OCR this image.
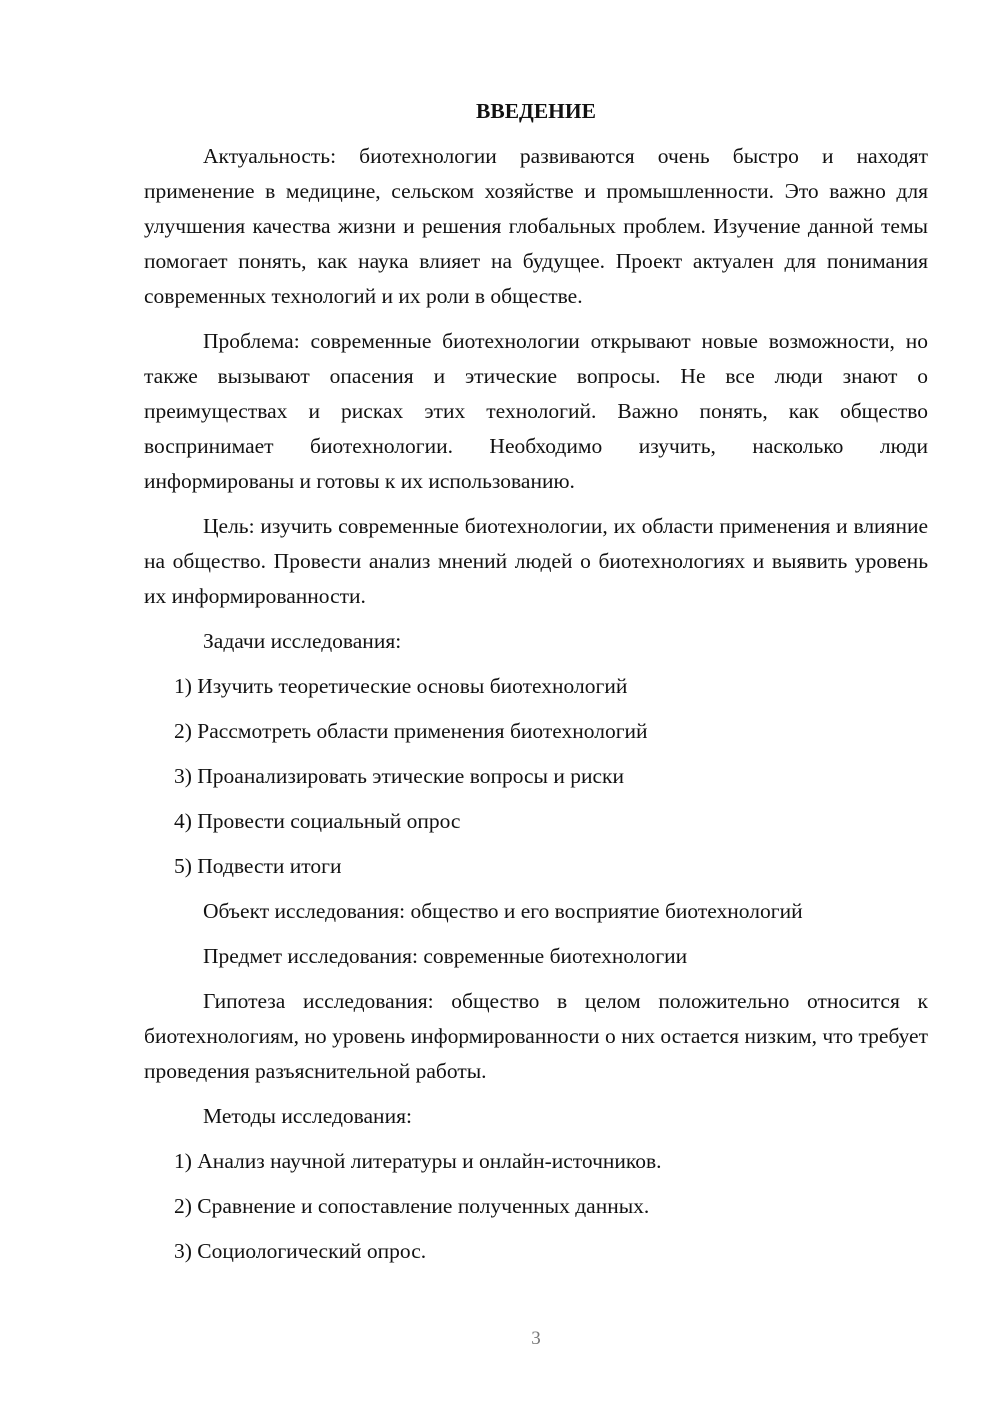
ВВЕДЕНИЕ

Актуальность: биотехнологии развиваются очень быстро и находят применение в медицине, сельском хозяйстве и промышленности. Это важно для улучшения качества жизни и решения глобальных проблем. Изучение данной темы помогает понять, как наука влияет на будущее. Проект актуален для понимания современных технологий и их роли в обществе.

Проблема: современные биотехнологии открывают новые возможности, но также вызывают опасения и этические вопросы. Не все люди знают о преимуществах и рисках этих технологий. Важно понять, как общество воспринимает биотехнологии. Необходимо изучить, насколько люди информированы и готовы к их использованию.

Цель: изучить современные биотехнологии, их области применения и влияние на общество. Провести анализ мнений людей о биотехнологиях и выявить уровень их информированности.

Задачи исследования:

1) Изучить теоретические основы биотехнологий
2) Рассмотреть области применения биотехнологий
3) Проанализировать этические вопросы и риски
4) Провести социальный опрос
5) Подвести итоги

Объект исследования: общество и его восприятие биотехнологий

Предмет исследования: современные биотехнологии

Гипотеза исследования: общество в целом положительно относится к биотехнологиям, но уровень информированности о них остается низким, что требует проведения разъяснительной работы.

Методы исследования:

1) Анализ научной литературы и онлайн-источников.
2) Сравнение и сопоставление полученных данных.
3) Социологический опрос.
3
